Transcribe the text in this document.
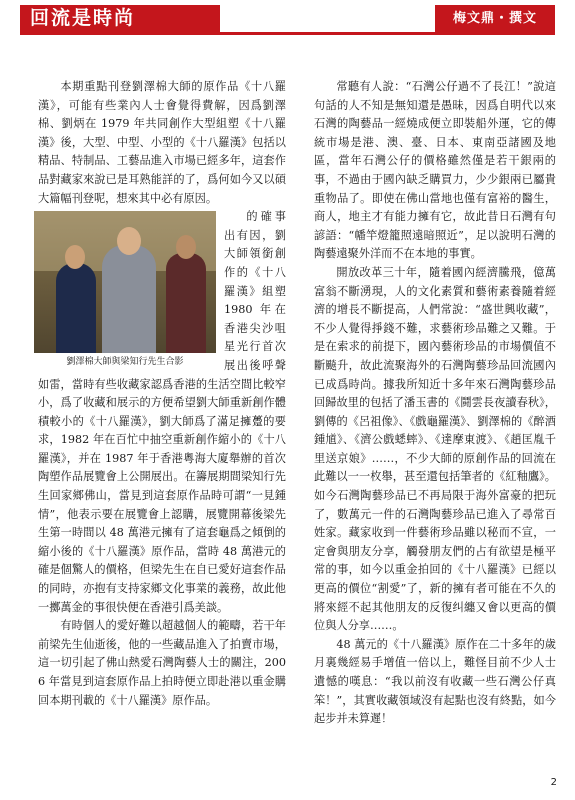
回流是時尚	梅文鼎・撰文

本期重點刊登劉澤棉大師的原作品《十八羅漢》，可能有些業內人士會覺得費解，因爲劉澤棉、劉炳在 1979 年共同創作大型組塑《十八羅漢》後，大型、中型、小型的《十八羅漢》包括以精品、特制品、工藝品進入市場已經多年，這套作品對藏家來說已是耳熟能詳的了，爲何如今又以碩大篇幅刊登呢，想來其中必有原因。

劉澤棉大師與梁知行先生合影

的確事出有因，劉大師領銜創作的《十八羅漢》組塑 1980 年在香港尖沙咀星光行首次展出後呼聲如雷，當時有些收藏家認爲香港的生活空間比較窄小，爲了收藏和展示的方便希望劉大師重新創作體積較小的《十八羅漢》，劉大師爲了滿足擁躉的要求，1982 年在百忙中抽空重新創作縮小的《十八羅漢》，并在 1987 年于香港粵海大廈舉辦的首次陶塑作品展覽會上公開展出。在籌展期間梁知行先生回家鄉佛山，當見到這套原作品時可謂“一見鍾情”，他表示要在展覽會上認購，展覽開幕後梁先生第一時間以 48 萬港元擁有了這套龜爲之傾倒的縮小後的《十八羅漢》原作品，當時 48 萬港元的確是個驚人的價格，但梁先生在自已愛好這套作品的同時，亦抱有支持家鄉文化事業的義務，故此他一擲萬金的事很快便在香港引爲美談。

有時個人的愛好難以超越個人的範疇，若干年前梁先生仙逝後，他的一些藏品進入了拍賣市場，這一切引起了佛山熱愛石灣陶藝人士的關注，2006 年當見到這套原作品上拍時便立即赴港以重金購回本期刊載的《十八羅漢》原作品。

常聽有人說：“石灣公仔過不了長江！”說這句話的人不知是無知還是愚昧，因爲自明代以來石灣的陶藝品一經燒成便立即裝船外運，它的傳統市場是港、澳、臺、日本、東南亞諸國及地區，當年石灣公仔的價格雖然僅是若干銀兩的事，不過由于國內缺乏購買力，少少銀兩已屬貴重物品了。即使在佛山當地也僅有富裕的醫生，商人，地主才有能力擁有它，故此昔日石灣有句諺語：“幡竿燈籠照遠暗照近”，足以說明石灣的陶藝遠聚外洋而不在本地的事實。

開放改革三十年，隨着國內經濟騰飛，億萬富翁不斷湧現，人的文化素質和藝術素養隨着經濟的增長不斷提高，人們常說：“盛世興收藏”，不少人覺得掙錢不難，求藝術珍品難之又難。于是在索求的前提下，國內藝術珍品的市場價值不斷飈升，故此流聚海外的石灣陶藝珍品回流國內已成爲時尚。據我所知近十多年來石灣陶藝珍品回歸故里的包括了潘玉書的《鬪雲長夜讀春秋》，劉傳的《呂祖像》、《戲龜羅漢》、劉澤棉的《醉酒鍾馗》、《濟公戲蟋蟀》、《達摩東渡》、《趙匡胤千里送京娘》……，不少大師的原創作品的回流在此難以一一枚舉，甚至還包括筆者的《紅釉鷹》。如今石灣陶藝珍品已不再局限于海外富豪的把玩了，數萬元一件的石灣陶藝珍品已進入了尋常百姓家。藏家收到一件藝術珍品雖以秘而不宣，一定會與朋友分享，觸發朋友們的占有欲望是極平常的事，如今以重金拍回的《十八羅漢》已經以更高的價位“割愛”了，新的擁有者可能在不久的將來經不起其他朋友的反復纠纏又會以更高的價位與人分享……。

48 萬元的《十八羅漢》原作在二十多年的歲月裏幾經易手增值一倍以上，難怪目前不少人士遺憾的嘆息：“我以前沒有收藏一些石灣公仔真笨！”，其實收藏領域沒有起點也沒有終點，如今起步并未算遲！

2
